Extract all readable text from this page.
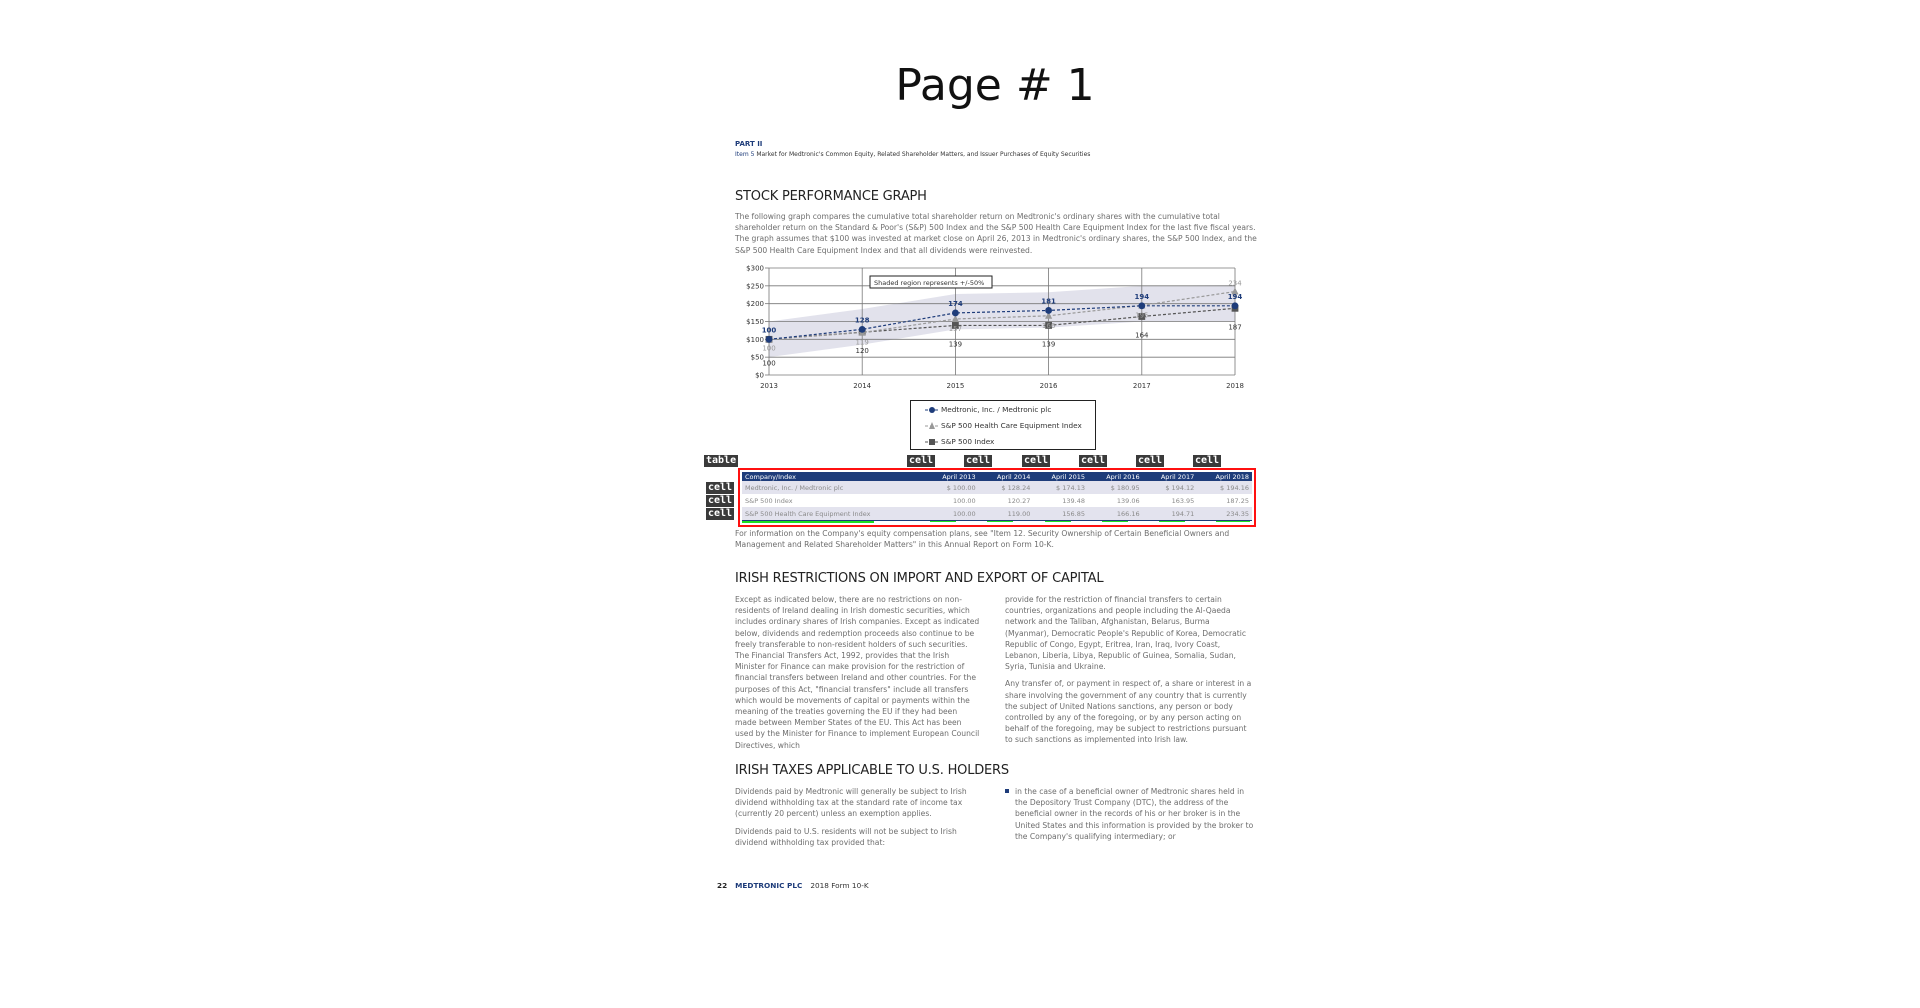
Page # 1
PART II
Item 5 Market for Medtronic's Common Equity, Related Shareholder Matters, and Issuer Purchases of Equity Securities
STOCK PERFORMANCE GRAPH

The following graph compares the cumulative total shareholder return on Medtronic's ordinary shares with the cumulative total shareholder return on the Standard & Poor's (S&P) 500 Index and the S&P 500 Health Care Equipment Index for the last five fiscal years. The graph assumes that $100 was invested at market close on April 26, 2013 in Medtronic's ordinary shares, the S&P 500 Index, and the S&P 500 Health Care Equipment Index and that all dividends were reinvested.

$0
$50
$100
$150
$200
$250
$300
2013	2014	2015	2016	2017	2018
Shaded region represents +/-50%
100
120
139	139
164
187
100
119
157	166
195
234
100
128
174	181
194	194
Medtronic, Inc. / Medtronic plc
S&P 500 Health Care Equipment Index
S&P 500 Index
Company/Index	April 2013	April 2014	April 2015	April 2016	April 2017	April 2018
Medtronic, Inc. / Medtronic plc	$ 100.00	$ 128.24	$ 174.13	$ 180.95	$ 194.12	$ 194.16
S&P 500 Index	100.00	120.27	139.48	139.06	163.95	187.25
S&P 500 Health Care Equipment Index	100.00	119.00	156.85	166.16	194.71	234.35

For information on the Company's equity compensation plans, see "Item 12. Security Ownership of Certain Beneficial Owners and Management and Related Shareholder Matters" in this Annual Report on Form 10-K.

IRISH RESTRICTIONS ON IMPORT AND EXPORT OF CAPITAL

Except as indicated below, there are no restrictions on non-residents of Ireland dealing in Irish domestic securities, which includes ordinary shares of Irish companies. Except as indicated below, dividends and redemption proceeds also continue to be freely transferable to non-resident holders of such securities. The Financial Transfers Act, 1992, provides that the Irish Minister for Finance can make provision for the restriction of financial transfers between Ireland and other countries. For the purposes of this Act, "financial transfers" include all transfers which would be movements of capital or payments within the meaning of the treaties governing the EU if they had been made between Member States of the EU. This Act has been used by the Minister for Finance to implement European Council Directives, which

provide for the restriction of financial transfers to certain countries, organizations and people including the Al-Qaeda network and the Taliban, Afghanistan, Belarus, Burma (Myanmar), Democratic People's Republic of Korea, Democratic Republic of Congo, Egypt, Eritrea, Iran, Iraq, Ivory Coast, Lebanon, Liberia, Libya, Republic of Guinea, Somalia, Sudan, Syria, Tunisia and Ukraine.

Any transfer of, or payment in respect of, a share or interest in a share involving the government of any country that is currently the subject of United Nations sanctions, any person or body controlled by any of the foregoing, or by any person acting on behalf of the foregoing, may be subject to restrictions pursuant to such sanctions as implemented into Irish law.

IRISH TAXES APPLICABLE TO U.S. HOLDERS

Dividends paid by Medtronic will generally be subject to Irish dividend withholding tax at the standard rate of income tax (currently 20 percent) unless an exemption applies.

Dividends paid to U.S. residents will not be subject to Irish dividend withholding tax provided that:

in the case of a beneficial owner of Medtronic shares held in the Depository Trust Company (DTC), the address of the beneficial owner in the records of his or her broker is in the United States and this information is provided by the broker to the Company's qualifying intermediary; or
22 MEDTRONIC PLC 2018 Form 10-K
table	cell	cell	cell	cell	cell	cell
cell
cell
cell
